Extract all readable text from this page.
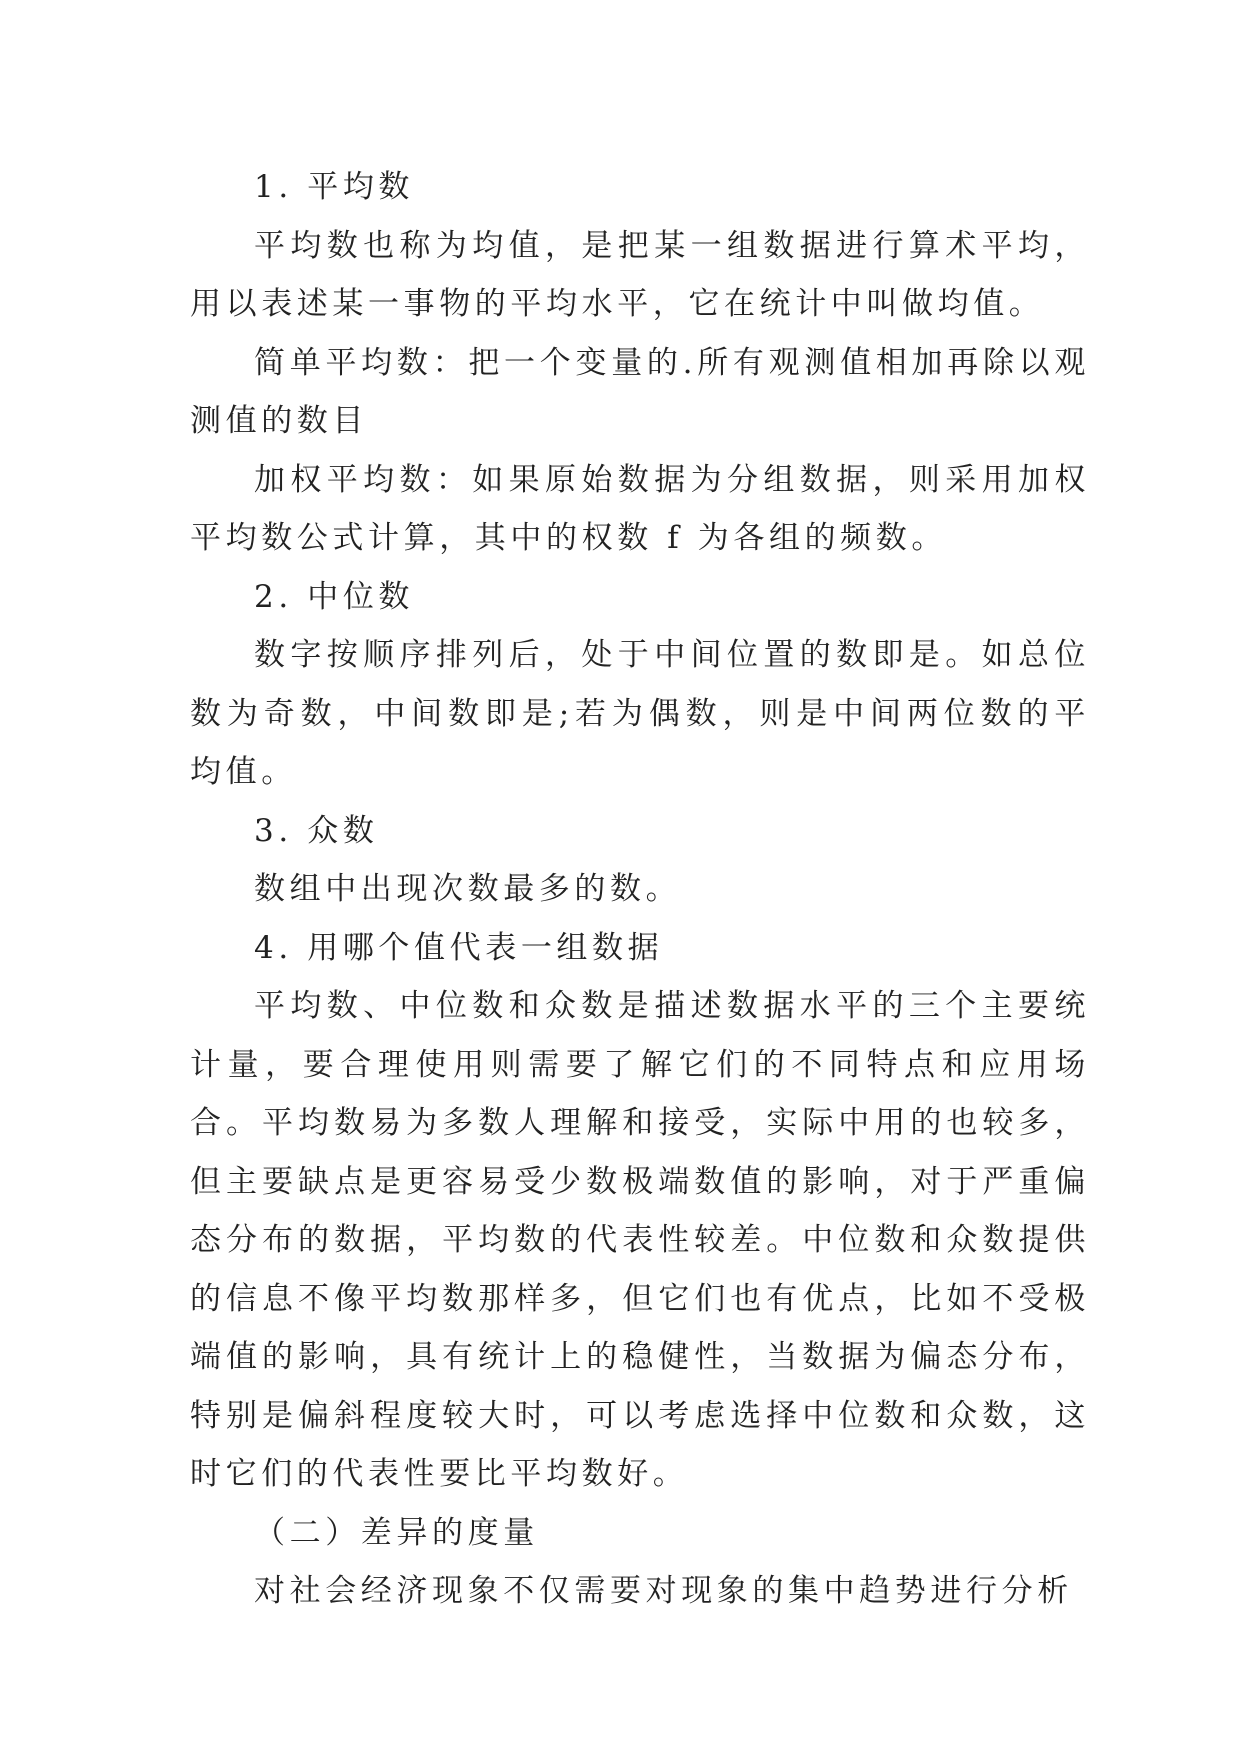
1. 平均数

平均数也称为均值，是把某一组数据进行算术平均，用以表述某一事物的平均水平，它在统计中叫做均值。

简单平均数：把一个变量的.所有观测值相加再除以观测值的数目

加权平均数：如果原始数据为分组数据，则采用加权平均数公式计算，其中的权数 f 为各组的频数。

2. 中位数

数字按顺序排列后，处于中间位置的数即是。如总位数为奇数，中间数即是;若为偶数，则是中间两位数的平均值。

3. 众数

数组中出现次数最多的数。

4. 用哪个值代表一组数据

平均数、中位数和众数是描述数据水平的三个主要统计量，要合理使用则需要了解它们的不同特点和应用场合。平均数易为多数人理解和接受，实际中用的也较多，但主要缺点是更容易受少数极端数值的影响，对于严重偏态分布的数据，平均数的代表性较差。中位数和众数提供的信息不像平均数那样多，但它们也有优点，比如不受极端值的影响，具有统计上的稳健性，当数据为偏态分布，特别是偏斜程度较大时，可以考虑选择中位数和众数，这时它们的代表性要比平均数好。

（二）差异的度量

对社会经济现象不仅需要对现象的集中趋势进行分析
